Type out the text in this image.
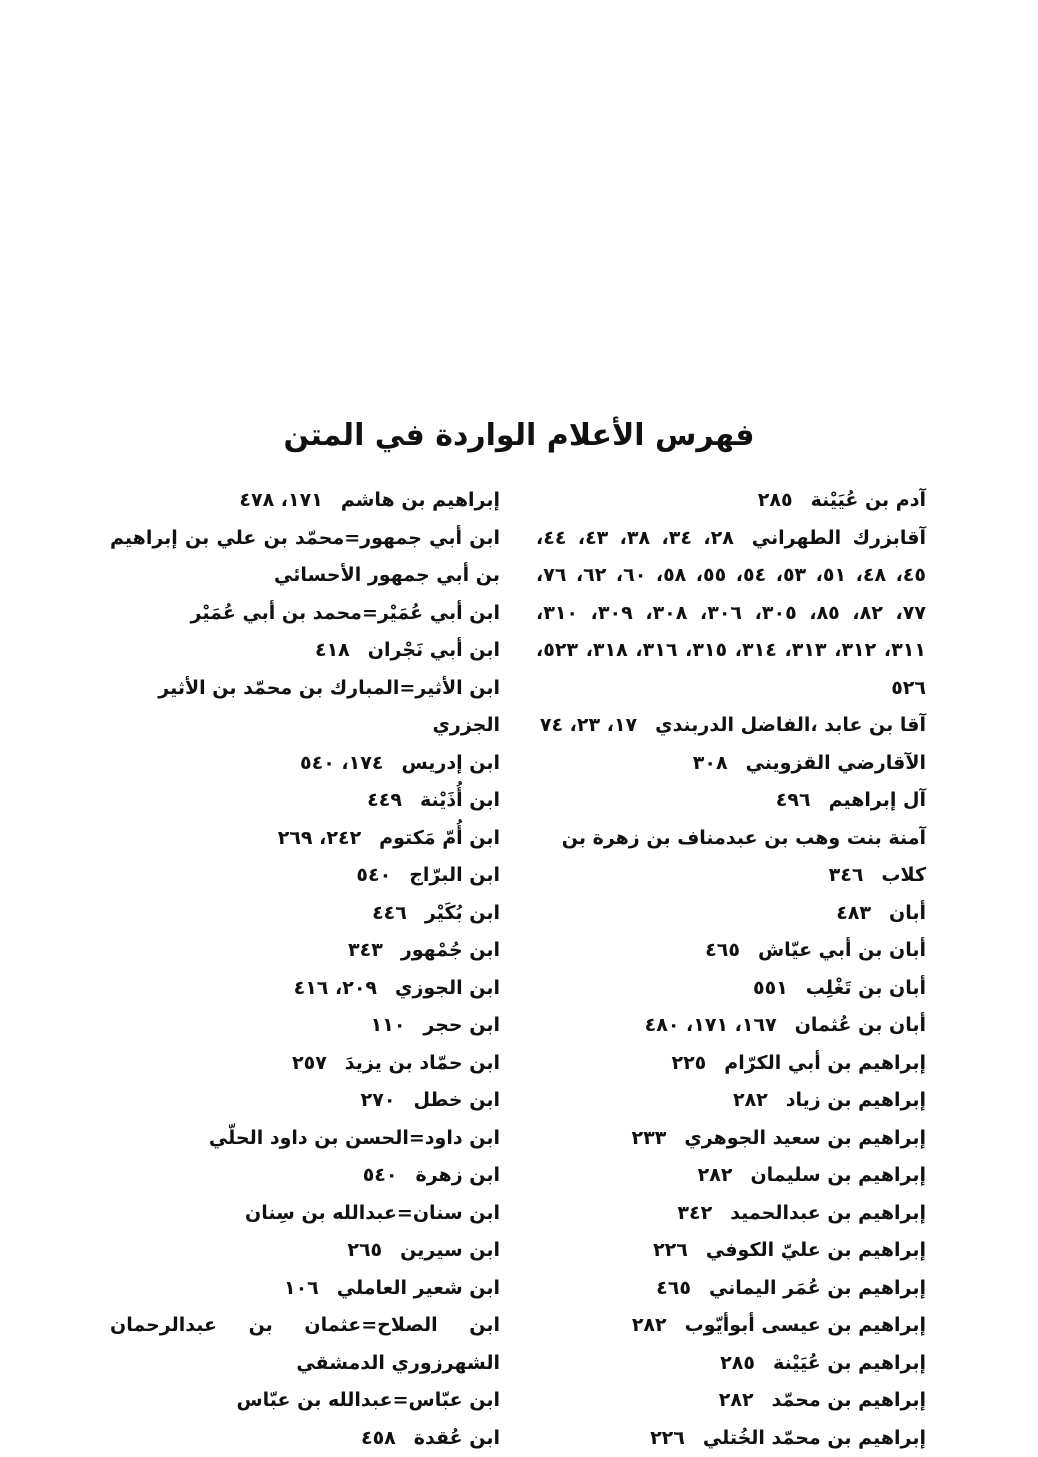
فهرس الأعلام الواردة في المتن
آدم بن عُيَيْنة٢٨٥
آقابزرك الطهراني٢٨، ٣٤، ٣٨، ٤٣، ٤٤، ٤٥، ٤٨، ٥١، ٥٣، ٥٤، ٥٥، ٥٨، ٦٠، ٦٢، ٧٦، ٧٧، ٨٢، ٨٥، ٣٠٥، ٣٠٦، ٣٠٨، ٣٠٩، ٣١٠، ٣١١، ٣١٢، ٣١٣، ٣١٤، ٣١٥، ٣١٦، ٣١٨، ٥٢٣، ٥٢٦
آقا بن عابد ،الفاضل الدربندي١٧، ٢٣، ٧٤
الآقارضي القزويني٣٠٨
آل إبراهيم٤٩٦
آمنة بنت وهب بن عبدمناف بن زهرة بن كلاب٣٤٦
أبان٤٨٣
أبان بن أبي عيّاش٤٦٥
أبان بن تَغْلِب٥٥١
أبان بن عُثمان١٦٧، ١٧١، ٤٨٠
إبراهيم بن أبي الكرّام٢٢٥
إبراهيم بن زياد٢٨٢
إبراهيم بن سعيد الجوهري٢٣٣
إبراهيم بن سليمان٢٨٢
إبراهيم بن عبدالحميد٣٤٢
إبراهيم بن عليّ الكوفي٢٢٦
إبراهيم بن عُمَر اليماني٤٦٥
إبراهيم بن عيسى أبوأيّوب٢٨٢
إبراهيم بن عُيَيْنة٢٨٥
إبراهيم بن محمّد٢٨٢
إبراهيم بن محمّد الخُتلي٢٢٦
إبراهيم بن هاشم١٧١، ٤٧٨
ابن أبي جمهور=محمّد بن علي بن إبراهيم بن أبي جمهور الأحسائي
ابن أبي عُمَيْر=محمد بن أبي عُمَيْر
ابن أبي نَجْران٤١٨
ابن الأثير=المبارك بن محمّد بن الأثير الجزري
ابن إدريس١٧٤، ٥٤٠
ابن أُذَيْنة٤٤٩
ابن أُمّ مَكتوم٢٤٢، ٢٦٩
ابن البرّاج٥٤٠
ابن بُكَيْر٤٤٦
ابن جُمْهور٣٤٣
ابن الجوزي٢٠٩، ٤١٦
ابن حجر١١٠
ابن حمّاد بن يزيدَ٢٥٧
ابن خطل٢٧٠
ابن داود=الحسن بن داود الحلّي
ابن زهرة٥٤٠
ابن سنان=عبدالله بن سِنان
ابن سيرين٢٦٥
ابن شعير العاملي١٠٦
ابن الصلاح=عثمان بن عبدالرحمان الشهرزوري الدمشقي
ابن عبّاس=عبدالله بن عبّاس
ابن عُقدة٤٥٨
